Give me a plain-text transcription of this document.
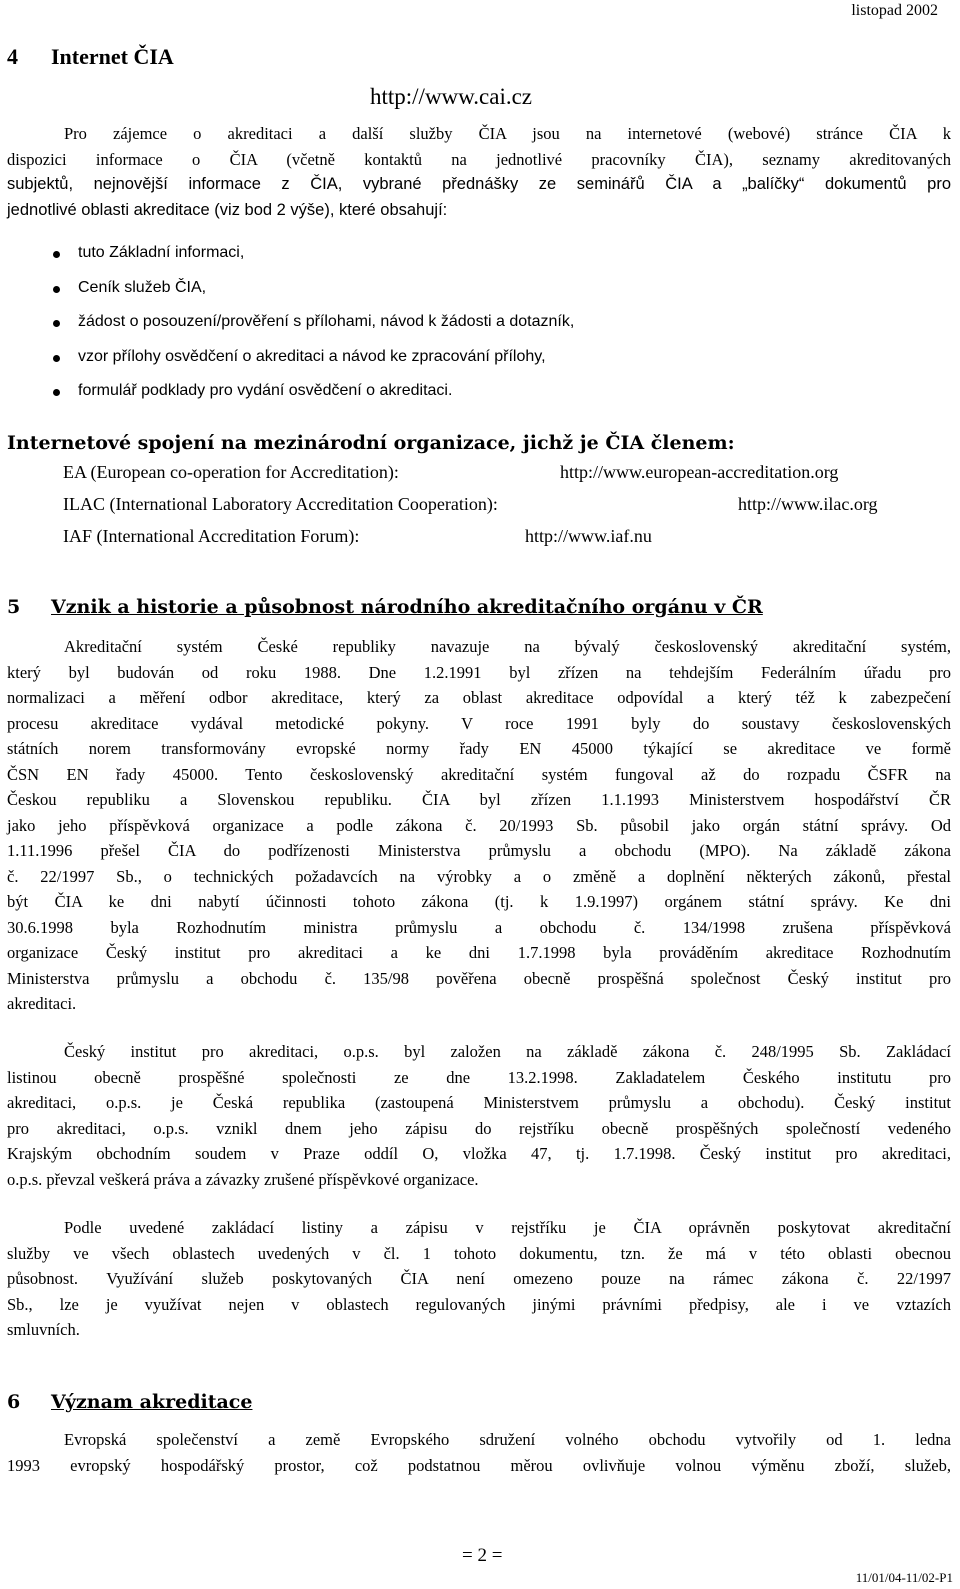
listopad 2002
4 Internet ČIA
http://www.cai.cz
Pro zájemce o akreditaci a další služby ČIA jsou na internetové (webové) stránce ČIA k
dispozici informace o ČIA (včetně kontaktů na jednotlivé pracovníky ČIA), seznamy akreditovaných
subjektů, nejnovější informace z ČIA, vybrané přednášky ze seminářů ČIA a „balíčky“ dokumentů pro
jednotlivé oblasti akreditace (viz bod 2 výše), které obsahují:
tuto Základní informaci,
Ceník služeb ČIA,
žádost o posouzení/prověření s přílohami, návod k žádosti a dotazník,
vzor přílohy osvědčení o akreditaci a návod ke zpracování přílohy,
formulář podklady pro vydání osvědčení o akreditaci.
Internetové spojení na mezinárodní organizace, jichž je ČIA členem:
EA (European co-operation for Accreditation):	http://www.european-accreditation.org
ILAC (International Laboratory Accreditation Cooperation):	http://www.ilac.org
IAF (International Accreditation Forum):	http://www.iaf.nu
5 Vznik a historie a působnost národního akreditačního orgánu v ČR
Akreditační systém České republiky navazuje na bývalý československý akreditační systém,
který byl budován od roku 1988. Dne 1.2.1991 byl zřízen na tehdejším Federálním úřadu pro
normalizaci a měření odbor akreditace, který za oblast akreditace odpovídal a který též k zabezpečení
procesu akreditace vydával metodické pokyny. V roce 1991 byly do soustavy československých
státních norem transformovány evropské normy řady EN 45000 týkající se akreditace ve formě
ČSN EN řady 45000. Tento československý akreditační systém fungoval až do rozpadu ČSFR na
Českou republiku a Slovenskou republiku. ČIA byl zřízen 1.1.1993 Ministerstvem hospodářství ČR
jako jeho příspěvková organizace a podle zákona č. 20/1993 Sb. působil jako orgán státní správy. Od
1.11.1996 přešel ČIA do podřízenosti Ministerstva průmyslu a obchodu (MPO). Na základě zákona
č. 22/1997 Sb., o technických požadavcích na výrobky a o změně a doplnění některých zákonů, přestal
být ČIA ke dni nabytí účinnosti tohoto zákona (tj. k 1.9.1997) orgánem státní správy. Ke dni
30.6.1998 byla Rozhodnutím ministra průmyslu a obchodu č. 134/1998 zrušena příspěvková
organizace Český institut pro akreditaci a ke dni 1.7.1998 byla prováděním akreditace Rozhodnutím
Ministerstva průmyslu a obchodu č. 135/98 pověřena obecně prospěšná společnost Český institut pro
akreditaci.
Český institut pro akreditaci, o.p.s. byl založen na základě zákona č. 248/1995 Sb. Zakládací
listinou obecně prospěšné společnosti ze dne 13.2.1998. Zakladatelem Českého institutu pro
akreditaci, o.p.s. je Česká republika (zastoupená Ministerstvem průmyslu a obchodu). Český institut
pro akreditaci, o.p.s. vznikl dnem jeho zápisu do rejstříku obecně prospěšných společností vedeného
Krajským obchodním soudem v Praze oddíl O, vložka 47, tj. 1.7.1998. Český institut pro akreditaci,
o.p.s. převzal veškerá práva a závazky zrušené příspěvkové organizace.
Podle uvedené zakládací listiny a zápisu v rejstříku je ČIA oprávněn poskytovat akreditační
služby ve všech oblastech uvedených v čl. 1 tohoto dokumentu, tzn. že má v této oblasti obecnou
působnost. Využívání služeb poskytovaných ČIA není omezeno pouze na rámec zákona č. 22/1997
Sb., lze je využívat nejen v oblastech regulovaných jinými právními předpisy, ale i ve vztazích
smluvních.
6 Význam akreditace
Evropská společenství a země Evropského sdružení volného obchodu vytvořily od 1. ledna
1993 evropský hospodářský prostor, což podstatnou měrou ovlivňuje volnou výměnu zboží, služeb,
= 2 =
11/01/04-11/02-P1
